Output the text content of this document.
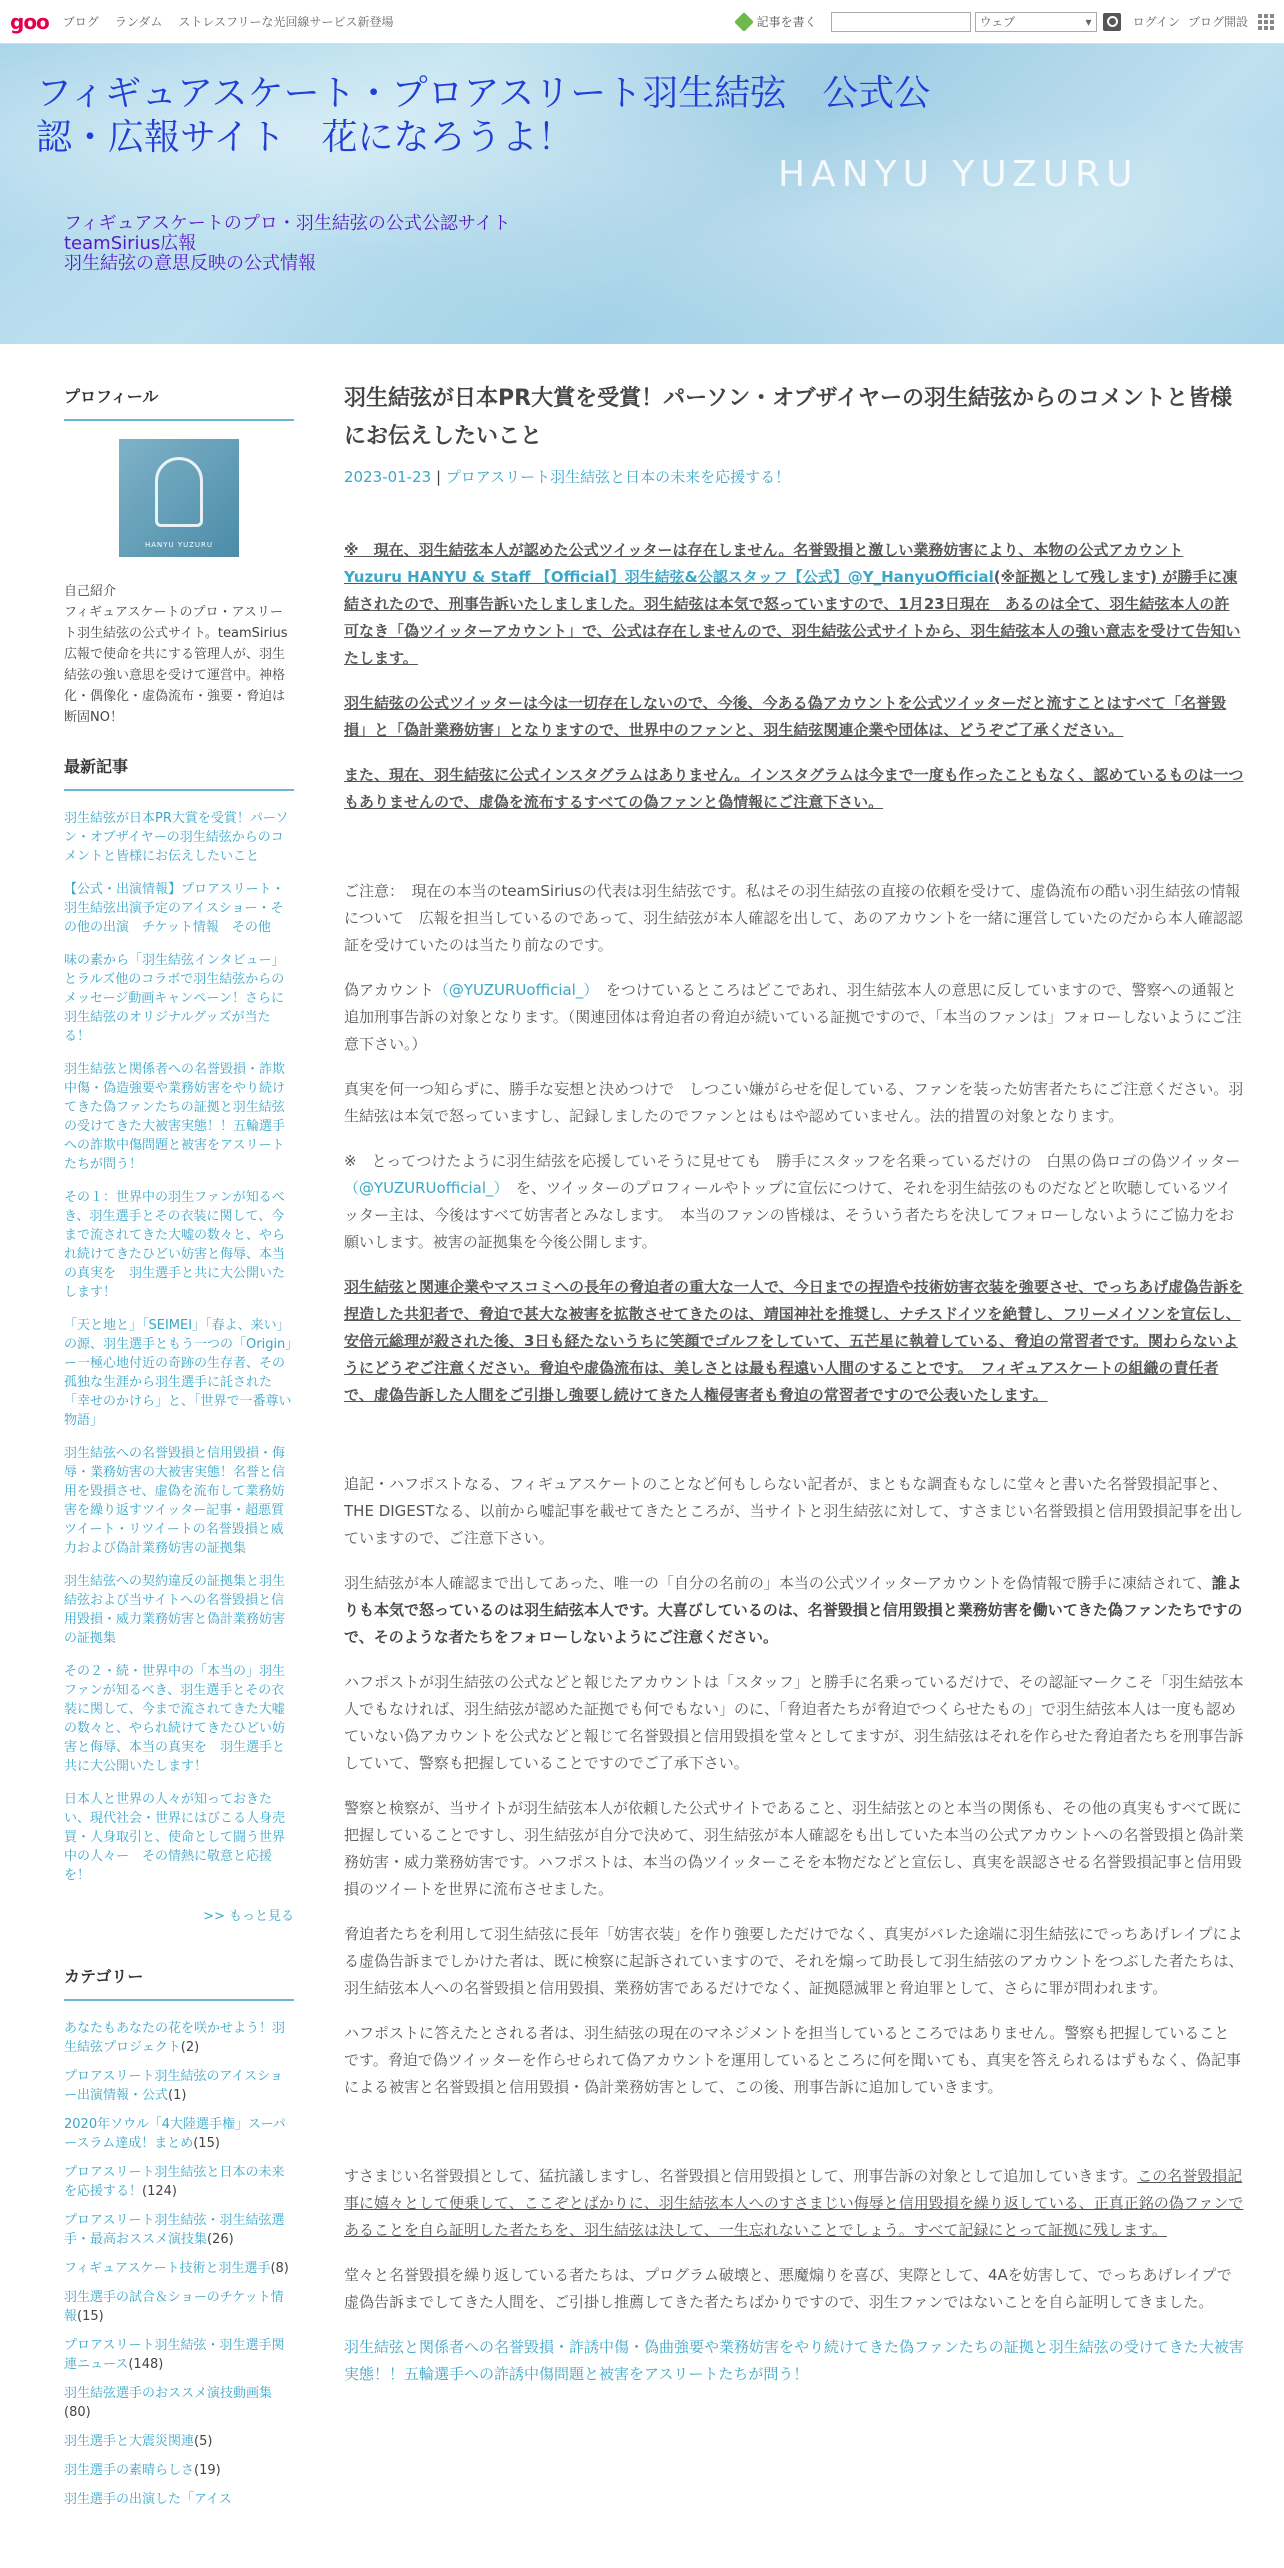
goo ブログ ランダム ストレスフリーな光回線サービス新登場	記事を書く	ウェブ	▾	ログイン ブログ開設
フィギュアスケート・プロアスリート羽生結弦　公式公認・広報サイト　花になろうよ！
HANYU YUZURU
フィギュアスケートのプロ・羽生結弦の公式公認サイト
teamSirius広報
羽生結弦の意思反映の公式情報
プロフィール
HANYU YUZURU
自己紹介
フィギュアスケートのプロ・アスリート羽生結弦の公式サイト。teamSirius広報で使命を共にする管理人が、羽生結弦の強い意思を受けて運営中。神格化・偶像化・虚偽流布・強要・脅迫は断固NO！
最新記事
羽生結弦が日本PR大賞を受賞！パーソン・オブザイヤーの羽生結弦からのコメントと皆様にお伝えしたいこと
【公式・出演情報】プロアスリート・羽生結弦出演予定のアイスショー・その他の出演　チケット情報　その他
味の素から「羽生結弦インタビュー」とラルズ他のコラボで羽生結弦からのメッセージ動画キャンペーン！さらに羽生結弦のオリジナルグッズが当たる！
羽生結弦と関係者への名誉毀損・詐欺中傷・偽造強要や業務妨害をやり続けてきた偽ファンたちの証拠と羽生結弦の受けてきた大被害実態！！五輪選手への詐欺中傷問題と被害をアスリートたちが問う！
その１：世界中の羽生ファンが知るべき、羽生選手とその衣装に関して、今まで流されてきた大嘘の数々と、やられ続けてきたひどい妨害と侮辱、本当の真実を　羽生選手と共に大公開いたします！
「天と地と」「SEIMEI」「春よ、来い」の源、羽生選手ともう一つの「Origin」ー一極心地付近の奇跡の生存者、その孤独な生涯から羽生選手に託された「幸せのかけら」と、「世界で一番尊い物語」
羽生結弦への名誉毀損と信用毀損・侮辱・業務妨害の大被害実態！名誉と信用を毀損させ、虚偽を流布して業務妨害を繰り返すツイッター記事・超悪質ツイート・リツイートの名誉毀損と威力および偽計業務妨害の証拠集
羽生結弦への契約違反の証拠集と羽生結弦および当サイトへの名誉毀損と信用毀損・威力業務妨害と偽計業務妨害の証拠集
その２・続・世界中の「本当の」羽生ファンが知るべき、羽生選手とその衣装に関して、今まで流されてきた大嘘の数々と、やられ続けてきたひどい妨害と侮辱、本当の真実を　羽生選手と共に大公開いたします！
日本人と世界の人々が知っておきたい、現代社会・世界にはびこる人身売買・人身取引と、使命として闘う世界中の人々ー　その情熱に敬意と応援を！
>> もっと見る
カテゴリー
あなたもあなたの花を咲かせよう！羽生結弦プロジェクト(2)
プロアスリート羽生結弦のアイスショー出演情報・公式(1)
2020年ソウル「4大陸選手権」スーパースラム達成！まとめ(15)
プロアスリート羽生結弦と日本の未来を応援する！(124)
プロアスリート羽生結弦・羽生結弦選手・最高おススメ演技集(26)
フィギュアスケート技術と羽生選手(8)
羽生選手の試合＆ショーのチケット情報(15)
プロアスリート羽生結弦・羽生選手関連ニュース(148)
羽生結弦選手のおススメ演技動画集(80)
羽生選手と大震災関連(5)
羽生選手の素晴らしさ(19)
羽生選手の出演した「アイス
羽生結弦が日本PR大賞を受賞！パーソン・オブザイヤーの羽生結弦からのコメントと皆様にお伝えしたいこと
2023-01-23 | プロアスリート羽生結弦と日本の未来を応援する！

※　現在、羽生結弦本人が認めた公式ツイッターは存在しません。名誉毀損と激しい業務妨害により、本物の公式アカウント Yuzuru HANYU & Staff 【Official】羽生結弦&公認スタッフ【公式】@Y_HanyuOfficial(※証拠として残します) が勝手に凍結されたので、刑事告訴いたしましました。羽生結弦は本気で怒っていますので、1月23日現在　あるのは全て、羽生結弦本人の許可なき「偽ツイッターアカウント」で、公式は存在しませんので、羽生結弦公式サイトから、羽生結弦本人の強い意志を受けて告知いたします。

羽生結弦の公式ツイッターは今は一切存在しないので、今後、今ある偽アカウントを公式ツイッターだと流すことはすべて「名誉毀損」と「偽計業務妨害」となりますので、世界中のファンと、羽生結弦関連企業や団体は、どうぞご了承ください。

また、現在、羽生結弦に公式インスタグラムはありません。インスタグラムは今まで一度も作ったこともなく、認めているものは一つもありませんので、虚偽を流布するすべての偽ファンと偽情報にご注意下さい。

ご注意：　現在の本当のteamSiriusの代表は羽生結弦です。私はその羽生結弦の直接の依頼を受けて、虚偽流布の酷い羽生結弦の情報について　広報を担当しているのであって、羽生結弦が本人確認を出して、あのアカウントを一緒に運営していたのだから本人確認認証を受けていたのは当たり前なのです。

偽アカウント（@YUZURUofficial_）　をつけているところはどこであれ、羽生結弦本人の意思に反していますので、警察への通報と追加刑事告訴の対象となります。（関連団体は脅迫者の脅迫が続いている証拠ですので、「本当のファンは」フォローしないようにご注意下さい。）

真実を何一つ知らずに、勝手な妄想と決めつけで　しつこい嫌がらせを促している、ファンを装った妨害者たちにご注意ください。羽生結弦は本気で怒っていますし、記録しましたのでファンとはもはや認めていません。法的措置の対象となります。

※　とってつけたように羽生結弦を応援していそうに見せても　勝手にスタッフを名乗っているだけの　白黒の偽ロゴの偽ツイッター　（@YUZURUofficial_）　を、ツイッターのプロフィールやトップに宣伝につけて、それを羽生結弦のものだなどと吹聴しているツイッター主は、今後はすべて妨害者とみなします。　本当のファンの皆様は、そういう者たちを決してフォローしないようにご協力をお願いします。被害の証拠集を今後公開します。

羽生結弦と関連企業やマスコミへの長年の脅迫者の重大な一人で、今日までの捏造や技術妨害衣装を強要させ、でっちあげ虚偽告訴を捏造した共犯者で、脅迫で甚大な被害を拡散させてきたのは、靖国神社を推奨し、ナチスドイツを絶賛し、フリーメイソンを宣伝し、安倍元総理が殺された後、3日も経たないうちに笑顔でゴルフをしていて、五芒星に執着している、脅迫の常習者です。関わらないようにどうぞご注意ください。脅迫や虚偽流布は、美しさとは最も程遠い人間のすることです。　フィギュアスケートの組織の責任者で、虚偽告訴した人間をご引掛し強要し続けてきた人権侵害者も脅迫の常習者ですので公表いたします。

追記・ハフポストなる、フィギュアスケートのことなど何もしらない記者が、まともな調査もなしに堂々と書いた名誉毀損記事と、THE DIGESTなる、以前から嘘記事を載せてきたところが、当サイトと羽生結弦に対して、すさまじい名誉毀損と信用毀損記事を出していますので、ご注意下さい。

羽生結弦が本人確認まで出してあった、唯一の「自分の名前の」本当の公式ツイッターアカウントを偽情報で勝手に凍結されて、誰よりも本気で怒っているのは羽生結弦本人です。大喜びしているのは、名誉毀損と信用毀損と業務妨害を働いてきた偽ファンたちですので、そのような者たちをフォローしないようにご注意ください。

ハフポストが羽生結弦の公式などと報じたアカウントは「スタッフ」と勝手に名乗っているだけで、その認証マークこそ「羽生結弦本人でもなければ、羽生結弦が認めた証拠でも何でもない」のに、「脅迫者たちが脅迫でつくらせたもの」で羽生結弦本人は一度も認めていない偽アカウントを公式などと報じて名誉毀損と信用毀損を堂々としてますが、羽生結弦はそれを作らせた脅迫者たちを刑事告訴していて、警察も把握していることですのでご了承下さい。

警察と検察が、当サイトが羽生結弦本人が依頼した公式サイトであること、羽生結弦とのと本当の関係も、その他の真実もすべて既に把握していることですし、羽生結弦が自分で決めて、羽生結弦が本人確認をも出していた本当の公式アカウントへの名誉毀損と偽計業務妨害・威力業務妨害です。ハフポストは、本当の偽ツイッターこそを本物だなどと宣伝し、真実を誤認させる名誉毀損記事と信用毀損のツイートを世界に流布させました。

脅迫者たちを利用して羽生結弦に長年「妨害衣装」を作り強要しただけでなく、真実がバレた途端に羽生結弦にでっちあげレイプによる虚偽告訴までしかけた者は、既に検察に起訴されていますので、それを煽って助長して羽生結弦のアカウントをつぶした者たちは、羽生結弦本人への名誉毀損と信用毀損、業務妨害であるだけでなく、証拠隠滅罪と脅迫罪として、さらに罪が問われます。

ハフポストに答えたとされる者は、羽生結弦の現在のマネジメントを担当しているところではありません。警察も把握していることです。脅迫で偽ツイッターを作らせられて偽アカウントを運用しているところに何を聞いても、真実を答えられるはずもなく、偽記事による被害と名誉毀損と信用毀損・偽計業務妨害として、この後、刑事告訴に追加していきます。

すさまじい名誉毀損として、猛抗議しますし、名誉毀損と信用毀損として、刑事告訴の対象として追加していきます。この名誉毀損記事に嬉々として便乗して、ここぞとばかりに、羽生結弦本人へのすさまじい侮辱と信用毀損を繰り返している、正真正銘の偽ファンであることを自ら証明した者たちを、羽生結弦は決して、一生忘れないことでしょう。すべて記録にとって証拠に残します。

堂々と名誉毀損を繰り返している者たちは、プログラム破壊と、悪魔煽りを喜び、実際として、4Aを妨害して、でっちあげレイプで虚偽告訴までしてきた人間を、ご引掛し推薦してきた者たちばかりですので、羽生ファンではないことを自ら証明してきました。

羽生結弦と関係者への名誉毀損・詐誘中傷・偽曲強要や業務妨害をやり続けてきた偽ファンたちの証拠と羽生結弦の受けてきた大被害実態！！五輪選手への詐誘中傷問題と被害をアスリートたちが問う！
